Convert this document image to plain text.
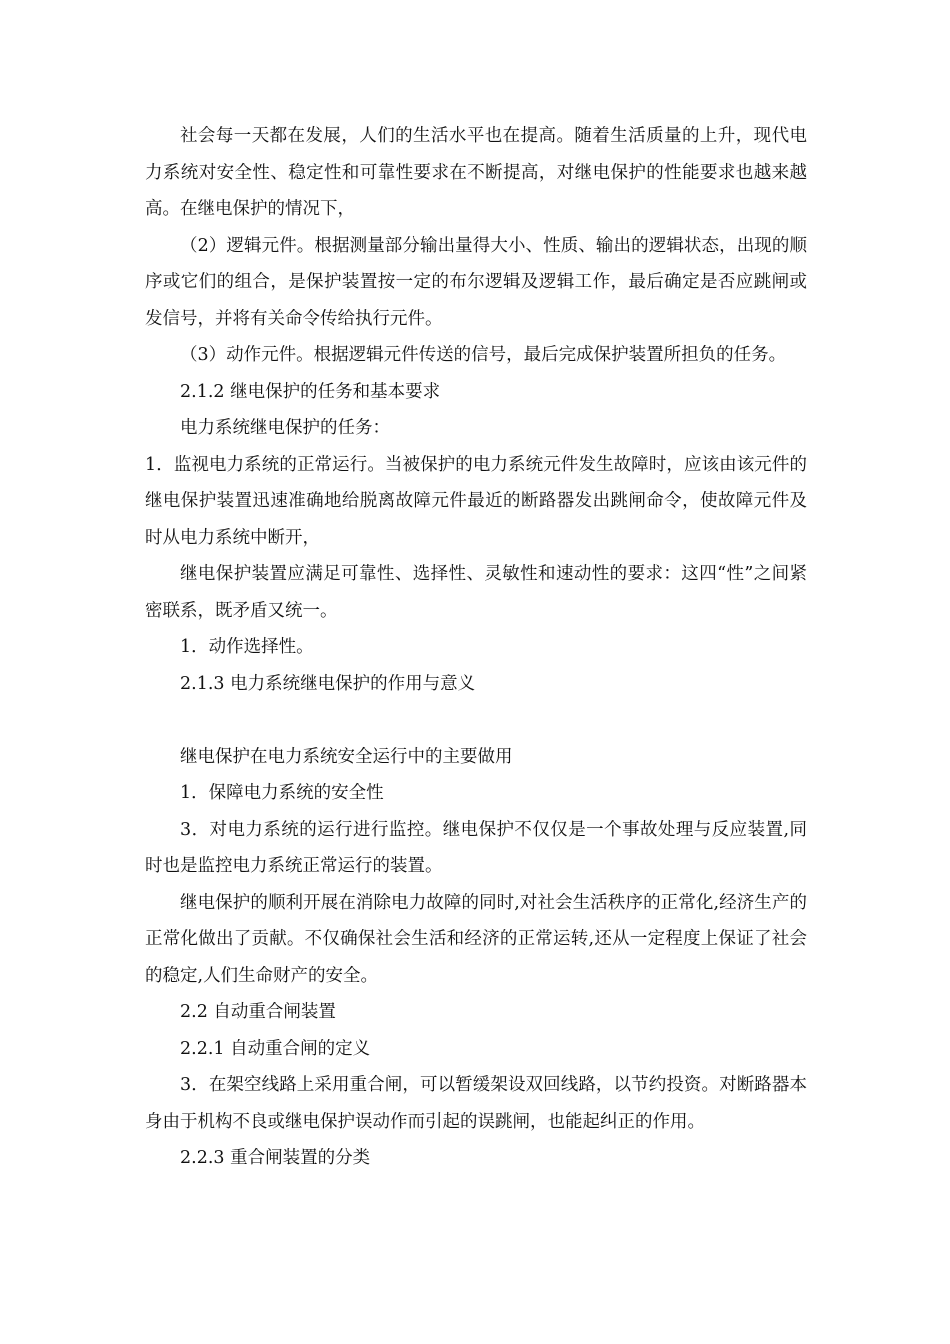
社会每一天都在发展，人们的生活水平也在提高。随着生活质量的上升，现代电力系统对安全性、稳定性和可靠性要求在不断提高，对继电保护的性能要求也越来越高。在继电保护的情况下，

（2）逻辑元件。根据测量部分输出量得大小、性质、输出的逻辑状态，出现的顺序或它们的组合，是保护装置按一定的布尔逻辑及逻辑工作，最后确定是否应跳闸或发信号，并将有关命令传给执行元件。

（3）动作元件。根据逻辑元件传送的信号，最后完成保护装置所担负的任务。

2.1.2 继电保护的任务和基本要求

电力系统继电保护的任务：

1．监视电力系统的正常运行。当被保护的电力系统元件发生故障时，应该由该元件的继电保护装置迅速准确地给脱离故障元件最近的断路器发出跳闸命令，使故障元件及时从电力系统中断开，

继电保护装置应满足可靠性、选择性、灵敏性和速动性的要求：这四“性”之间紧密联系，既矛盾又统一。

1．动作选择性。

2.1.3 电力系统继电保护的作用与意义

继电保护在电力系统安全运行中的主要做用

1．保障电力系统的安全性

3．对电力系统的运行进行监控。继电保护不仅仅是一个事故处理与反应装置,同时也是监控电力系统正常运行的装置。

继电保护的顺利开展在消除电力故障的同时,对社会生活秩序的正常化,经济生产的正常化做出了贡献。不仅确保社会生活和经济的正常运转,还从一定程度上保证了社会的稳定,人们生命财产的安全。

2.2 自动重合闸装置

2.2.1 自动重合闸的定义

3．在架空线路上采用重合闸，可以暂缓架设双回线路，以节约投资。对断路器本身由于机构不良或继电保护误动作而引起的误跳闸，也能起纠正的作用。

2.2.3 重合闸装置的分类
